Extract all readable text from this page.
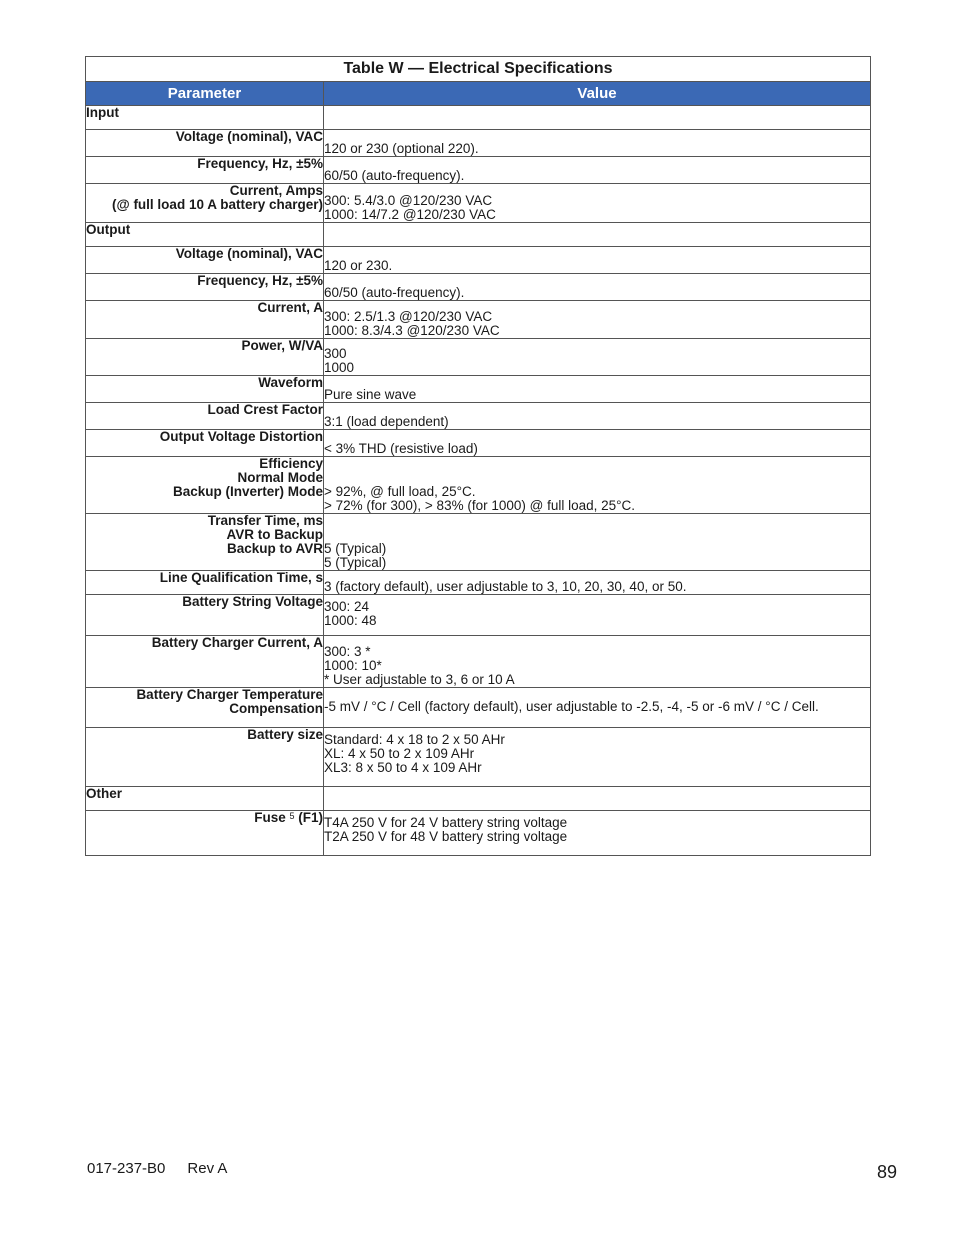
Table W — Electrical Specifications	
Parameter	Value
Input	

Voltage (nominal), VAC	120 or 230 (optional 220).

Frequency, Hz, ±5%	60/50 (auto-frequency).

Current, Amps
(@ full load 10 A battery charger)	300: 5.4/3.0 @120/230 VAC
1000: 14/7.2 @120/230 VAC

Output	

Voltage (nominal), VAC	120 or 230.

Frequency, Hz, ±5%	60/50 (auto-frequency).

Current, A	300: 2.5/1.3 @120/230 VAC
1000: 8.3/4.3 @120/230 VAC

Power, W/VA	300
1000

Waveform	Pure sine wave

Load Crest Factor	3:1 (load dependent)

Output Voltage Distortion	< 3% THD (resistive load)

Efficiency
Normal Mode
Backup (Inverter) Mode	> 92%, @ full load, 25°C.
> 72% (for 300), > 83% (for 1000) @ full load, 25°C.

Transfer Time, ms
AVR to Backup
Backup to AVR	5 (Typical)
5 (Typical)

Line Qualification Time, s	3 (factory default), user adjustable to 3, 10, 20, 30, 40, or 50.

Battery String Voltage	300: 24
1000: 48

Battery Charger Current, A	300: 3 *
1000: 10*
* User adjustable to 3, 6 or 10 A

Battery Charger Temperature
Compensation	-5 mV / °C / Cell (factory default), user adjustable to -2.5, -4, -5 or -6 mV / °C / Cell.

Battery size	Standard: 4 x 18 to 2 x 50 AHr
XL: 4 x 50 to 2 x 109 AHr
XL3: 8 x 50 to 4 x 109 AHr

Other	

Fuse $^5$ (F1)	T4A 250 V for 24 V battery string voltage
T2A 250 V for 48 V battery string voltage
017-237-B0 Rev A	89
